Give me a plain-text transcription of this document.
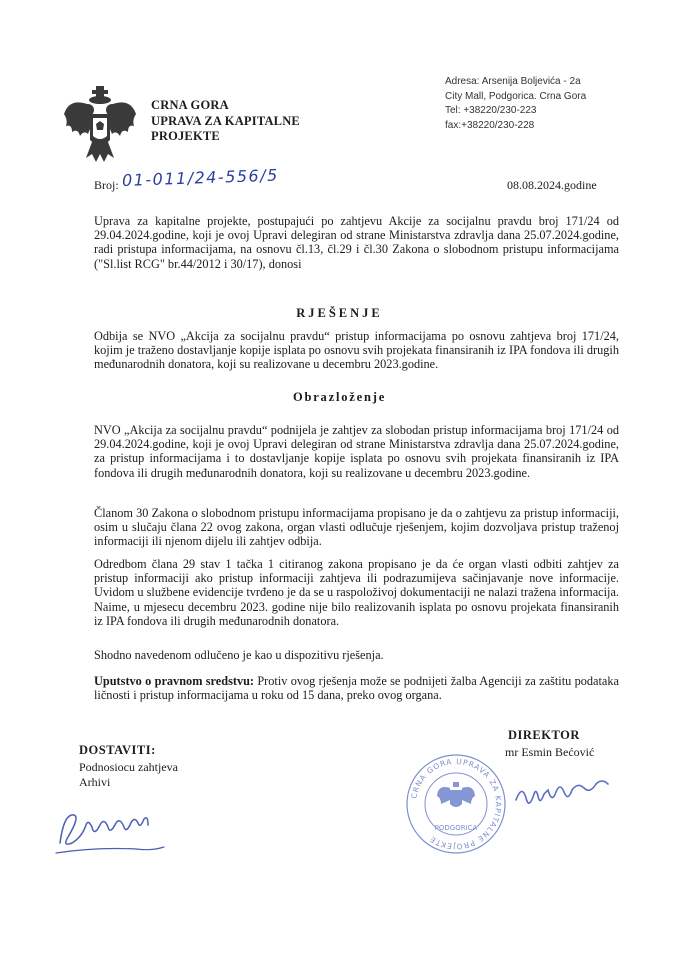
CRNA GORA
UPRAVA ZA KAPITALNE
PROJEKTE
Adresa: Arsenija Boljevića - 2a
City Mall, Podgorica. Crna Gora
Tel: +38220/230-223
fax:+38220/230-228
Broj: 01-011/24-556/5	08.08.2024.godine
Uprava za kapitalne projekte, postupajući po zahtjevu Akcije za socijalnu pravdu broj 171/24 od 29.04.2024.godine, koji je ovoj Upravi delegiran od strane Ministarstva zdravlja dana 25.07.2024.godine, radi pristupa informacijama, na osnovu čl.13, čl.29 i čl.30 Zakona o slobodnom pristupu informacijama ("Sl.list RCG" br.44/2012 i 30/17), donosi
RJEŠENJE
Odbija se NVO „Akcija za socijalnu pravdu“ pristup informacijama po osnovu zahtjeva broj 171/24, kojim je traženo dostavljanje kopije isplata po osnovu svih projekata finansiranih iz IPA fondova ili drugih međunarodnih donatora, koji su realizovane u decembru 2023.godine.
Obrazloženje
NVO „Akcija za socijalnu pravdu“ podnijela je zahtjev za slobodan pristup informacijama broj 171/24 od 29.04.2024.godine, koji je ovoj Upravi delegiran od strane Ministarstva zdravlja dana 25.07.2024.godine, za pristup informacijama i to dostavljanje kopije isplata po osnovu svih projekata finansiranih iz IPA fondova ili drugih međunarodnih donatora, koji su realizovane u decembru 2023.godine.
Članom 30 Zakona o slobodnom pristupu informacijama propisano je da o zahtjevu za pristup informaciji, osim u slučaju člana 22 ovog zakona, organ vlasti odlučuje rješenjem, kojim dozvoljava pristup traženoj informaciji ili njenom dijelu ili zahtjev odbija.
Odredbom člana 29 stav 1 tačka 1 citiranog zakona propisano je da će organ vlasti odbiti zahtjev za pristup informaciji ako pristup informaciji zahtjeva ili podrazumijeva sačinjavanje nove informacije. Uvidom u službene evidencije tvrđeno je da se u raspoloživoj dokumentaciji ne nalazi tražena informacija. Naime, u mjesecu decembru 2023. godine nije bilo realizovanih isplata po osnovu projekata finansiranih iz IPA fondova ili drugih međunarodnih donatora.
Shodno navedenom odlučeno je kao u dispozitivu rješenja.
Uputstvo o pravnom sredstvu: Protiv ovog rješenja može se podnijeti žalba Agenciji za zaštitu podataka ličnosti i pristup informacijama u roku od 15 dana, preko ovog organa.
DIREKTOR
mr Esmin Bećović
DOSTAVITI:
Podnosiocu zahtjeva
Arhivi
CRNA GORA UPRAVA ZA KAPITALNE PROJEKTE
PODGORICA
